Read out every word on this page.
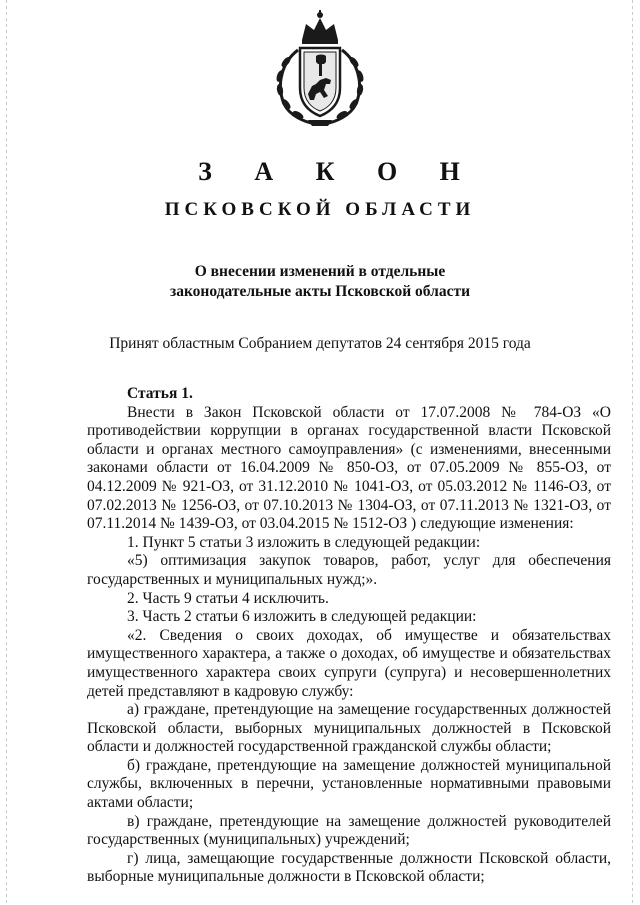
З А К О Н
ПСКОВСКОЙ ОБЛАСТИ

О внесении изменений в отдельные законодательные акты Псковской области

Принят областным Собранием депутатов 24 сентября 2015 года

Статья 1.

Внести в Закон Псковской области от 17.07.2008 № 784-ОЗ «О противодействии коррупции в органах государственной власти Псковской области и органах местного самоуправления» (с изменениями, внесенными законами области от 16.04.2009 № 850-ОЗ, от 07.05.2009 № 855-ОЗ, от 04.12.2009 № 921-ОЗ, от 31.12.2010 № 1041-ОЗ, от 05.03.2012 № 1146-ОЗ, от 07.02.2013 № 1256-ОЗ, от 07.10.2013 № 1304-ОЗ, от 07.11.2013 № 1321-ОЗ, от 07.11.2014 № 1439-ОЗ, от 03.04.2015 № 1512-ОЗ ) следующие изменения:

1. Пункт 5 статьи 3 изложить в следующей редакции:

«5) оптимизация закупок товаров, работ, услуг для обеспечения государственных и муниципальных нужд;».

2. Часть 9 статьи 4 исключить.

3. Часть 2 статьи 6 изложить в следующей редакции:

«2. Сведения о своих доходах, об имуществе и обязательствах имущественного характера, а также о доходах, об имуществе и обязательствах имущественного характера своих супруги (супруга) и несовершеннолетних детей представляют в кадровую службу:

а) граждане, претендующие на замещение государственных должностей Псковской области, выборных муниципальных должностей в Псковской области и должностей государственной гражданской службы области;

б) граждане, претендующие на замещение должностей муниципальной службы, включенных в перечни, установленные нормативными правовыми актами области;

в) граждане, претендующие на замещение должностей руководителей государственных (муниципальных) учреждений;

г) лица, замещающие государственные должности Псковской области, выборные муниципальные должности в Псковской области;
